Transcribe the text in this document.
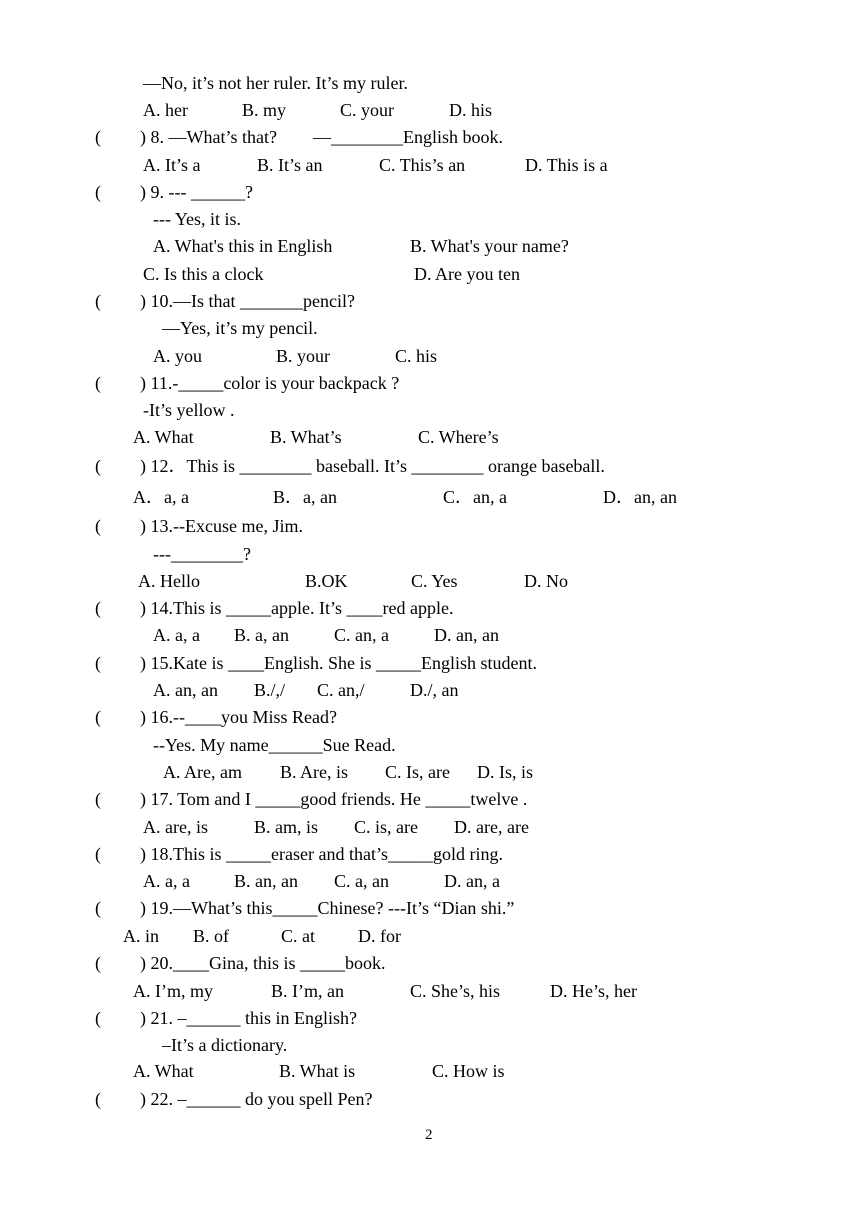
—No, it’s not her ruler. It’s my ruler.
A. her	B. my	C. your	D. his
( ) 8. —What’s that?        —________English book.
A. It’s a	B. It’s an	C. This’s an	D. This is a
( ) 9. --- ______?
--- Yes, it is.
A. What's this in English	B. What's your name?
C. Is this a clock	D. Are you ten
( ) 10.—Is that _______pencil?
—Yes, it’s my pencil.
A. you	B. your	C. his
( ) 11.-_____color is your backpack ?
-It’s yellow .
A. What	B. What’s	C. Where’s
( ) 12．This is ________ baseball. It’s ________ orange baseball.
A．a, a	B．a, an	C．an, a	D．an, an
( ) 13.--Excuse me, Jim.
---________?
A. Hello	B.OK	C. Yes	D. No
( ) 14.This is _____apple. It’s ____red apple.
A. a, a B. a, an	C. an, a	D. an, an
( ) 15.Kate is ____English. She is _____English student.
A. an, an B./,/ C. an,/	D./, an
( ) 16.--____you Miss Read?
--Yes. My name______Sue Read.
A. Are, am B. Are, is C. Is, are D. Is, is
( ) 17. Tom and I _____good friends. He _____twelve .
A. are, is	B. am, is C. is, are D. are, are
( ) 18.This is _____eraser and that’s_____gold ring.
A. a, a B. an, an C. a, an	D. an, a
( ) 19.—What’s this_____Chinese? ---It’s “Dian shi.”
A. in B. of	C. at D. for
( ) 20.____Gina, this is _____book.
A. I’m, my	B. I’m, an	C. She’s, his	D. He’s, her
( ) 21. –______ this in English?
–It’s a dictionary.
A. What	B. What is	C. How is
( ) 22. –______ do you spell Pen?
2
